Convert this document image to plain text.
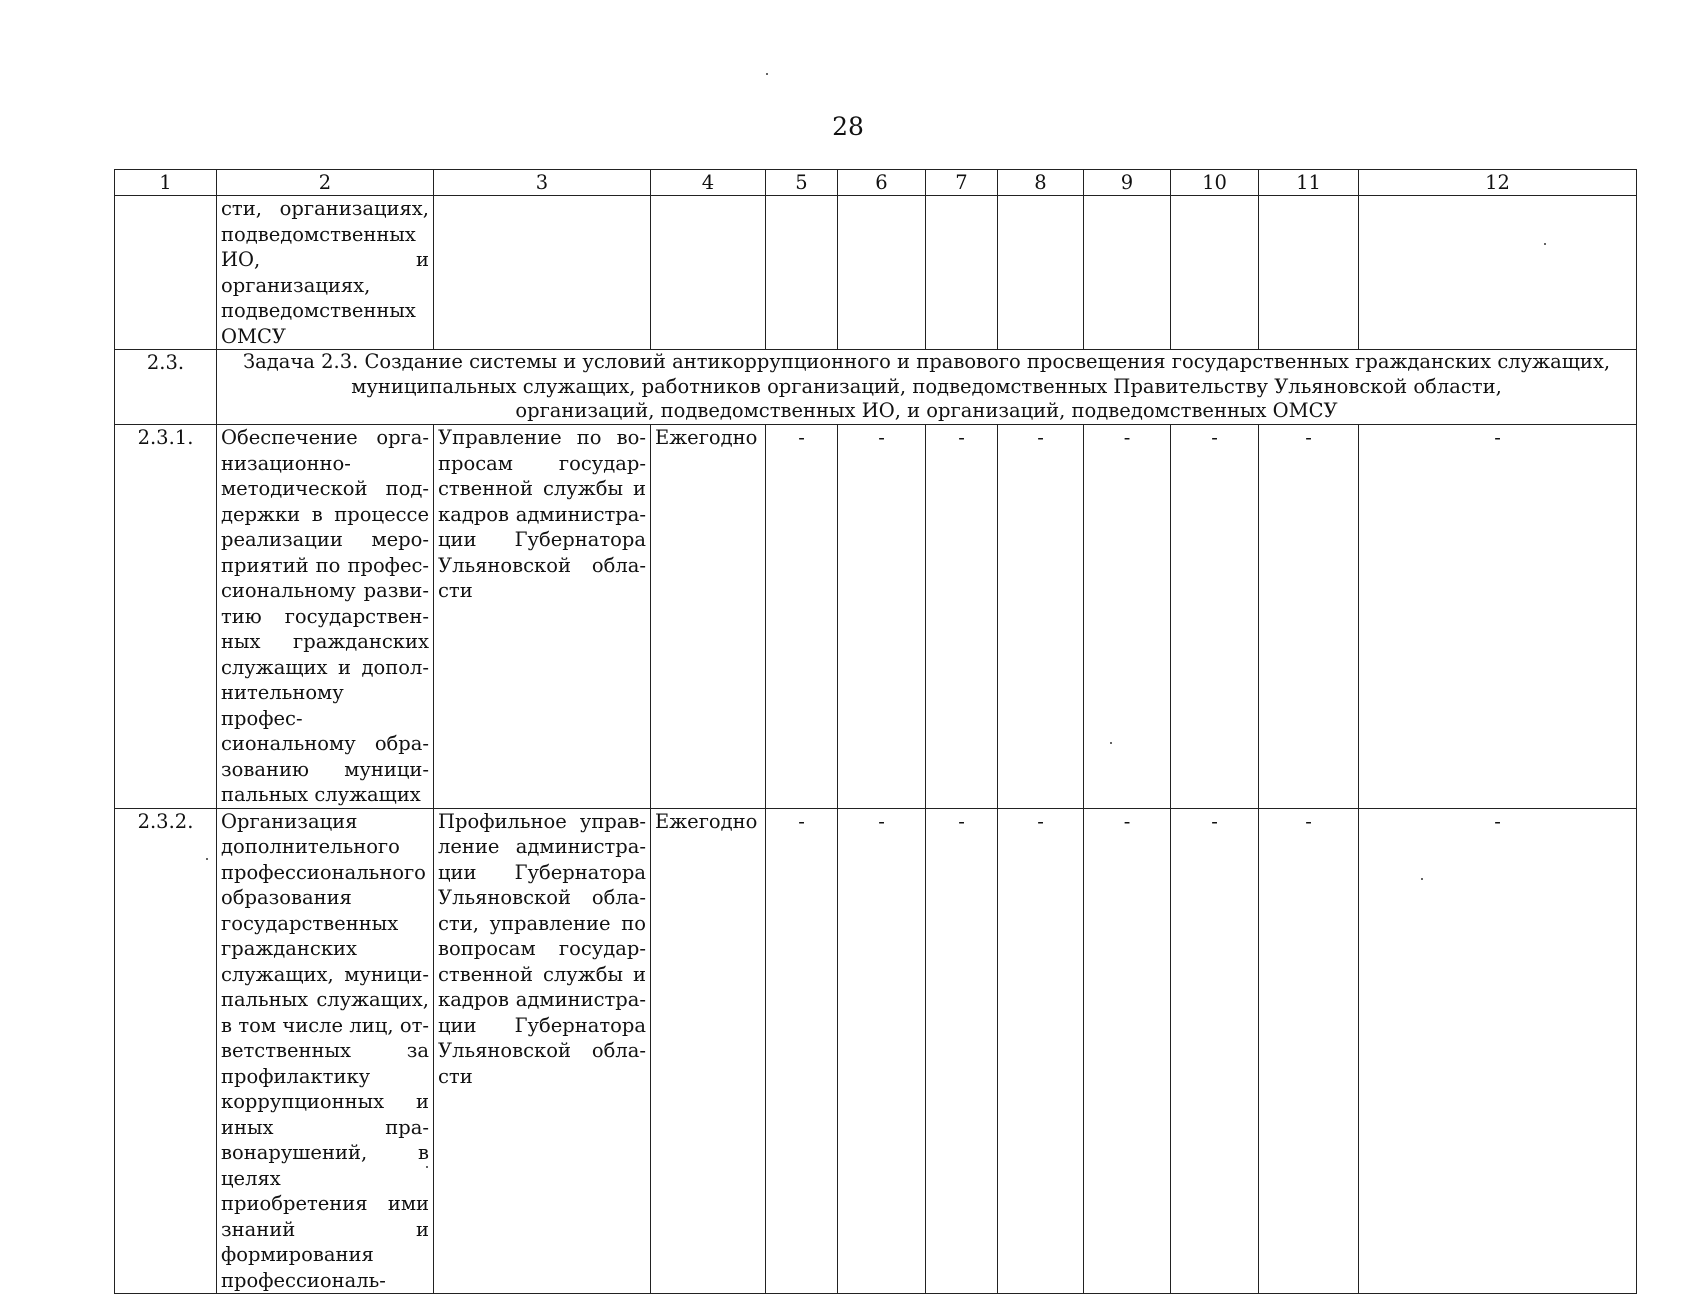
28
1	2	3	4	5	6	7	8	9	10	11	12

	сти, организациях,
подведомственных
ИО, и организациях,
подведомственных
ОМСУ										

2.3.	Задача 2.3. Создание системы и условий антикоррупционного и правового просвещения государственных гражданских служащих,
муниципальных служащих, работников организаций, подведомственных Правительству Ульяновской области,
организаций, подведомственных ИО, и организаций, подведомственных ОМСУ										

2.3.1.	Обеспечение организационно-методической поддержки в процессе реализации мероприятий по профессиональному развитию государственных гражданских служащих и дополнительному профессиональному образованию муниципальных служащих	Управление по вопросам государственной службы и кадров администрации Губернатора Ульяновской области	Ежегодно	-	-	-	-	-	-	-	-
2.3.2.	Организация дополнительного профессионального образования государственных гражданских служащих, муниципальных служащих, в том числе лиц, ответственных за профилактику коррупционных и иных правонарушений, в целях приобретения ими знаний и формирования профессиональ-	Профильное управление администрации Губернатора Ульяновской области, управление по вопросам государственной службы и кадров администрации Губернатора Ульяновской области	Ежегодно	-	-	-	-	-	-	-	-
